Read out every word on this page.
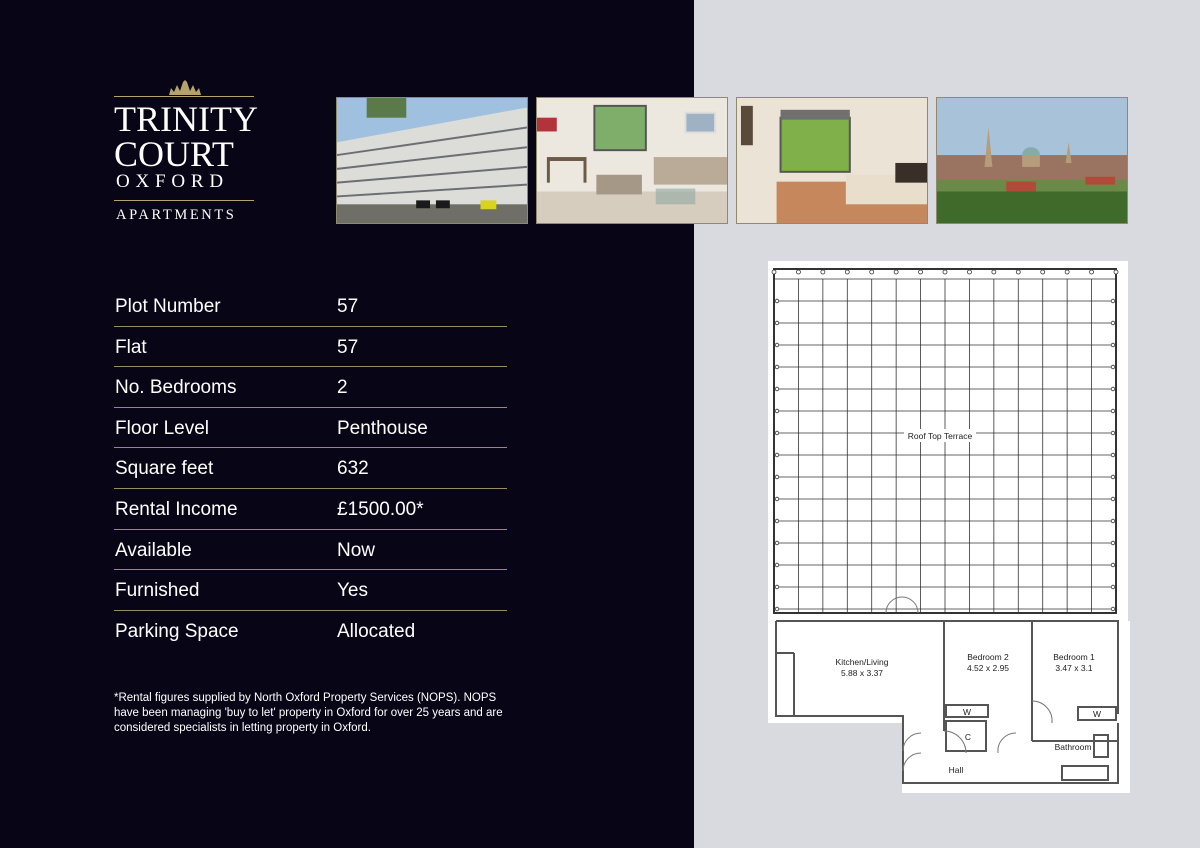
TRINITY
COURT
OXFORD
APARTMENTS
Plot Number	57
Flat	57
No. Bedrooms	2
Floor Level	Penthouse
Square feet	632
Rental Income	£1500.00*
Available	Now
Furnished	Yes
Parking Space	Allocated
*Rental figures supplied by North Oxford Property Services (NOPS). NOPS have been managing 'buy to let' property in Oxford for over 25 years and are considered specialists in letting property in Oxford.
Roof Top Terrace
Kitchen/Living
5.88 x 3.37
Bedroom 2
4.52 x 2.95
Bedroom 1
3.47 x 3.1
W	W
C
Hall
Bathroom
